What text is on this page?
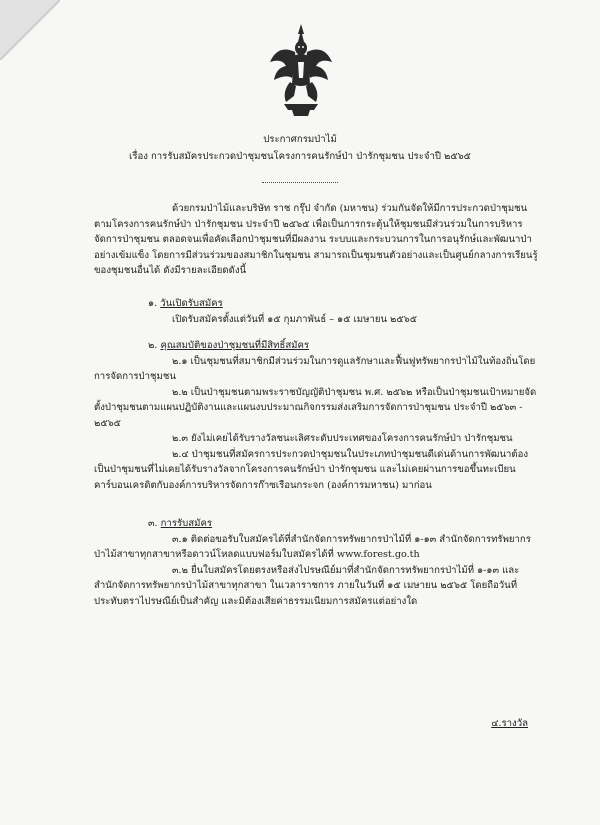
ประกาศกรมป่าไม้
เรื่อง การรับสมัครประกวดป่าชุมชนโครงการคนรักษ์ป่า ป่ารักชุมชน ประจำปี ๒๕๖๕

ด้วยกรมป่าไม้และบริษัท ราช กรุ๊ป จำกัด (มหาชน) ร่วมกันจัดให้มีการประกวดป่าชุมชนตามโครงการคนรักษ์ป่า ป่ารักชุมชน ประจำปี ๒๕๖๕ เพื่อเป็นการกระตุ้นให้ชุมชนมีส่วนร่วมในการบริหารจัดการป่าชุมชน ตลอดจนเพื่อคัดเลือกป่าชุมชนที่มีผลงาน ระบบและกระบวนการในการอนุรักษ์และพัฒนาป่าอย่างเข้มแข็ง โดยการมีส่วนร่วมของสมาชิกในชุมชน สามารถเป็นชุมชนตัวอย่างและเป็นศูนย์กลางการเรียนรู้ของชุมชนอื่นได้ ดังมีรายละเอียดดังนี้

๑. วันเปิดรับสมัคร

เปิดรับสมัครตั้งแต่วันที่ ๑๕ กุมภาพันธ์ – ๑๕ เมษายน ๒๕๖๕

๒. คุณสมบัติของป่าชุมชนที่มีสิทธิ์สมัคร

๒.๑ เป็นชุมชนที่สมาชิกมีส่วนร่วมในการดูแลรักษาและฟื้นฟูทรัพยากรป่าไม้ในท้องถิ่นโดยการจัดการป่าชุมชน

๒.๒ เป็นป่าชุมชนตามพระราชบัญญัติป่าชุมชน พ.ศ. ๒๕๖๒ หรือเป็นป่าชุมชนเป้าหมายจัดตั้งป่าชุมชนตามแผนปฏิบัติงานและแผนงบประมาณกิจกรรมส่งเสริมการจัดการป่าชุมชน ประจำปี ๒๕๖๓ - ๒๕๖๕

๒.๓ ยังไม่เคยได้รับรางวัลชนะเลิศระดับประเทศของโครงการคนรักษ์ป่า ป่ารักชุมชน

๒.๔ ป่าชุมชนที่สมัครการประกวดป่าชุมชนในประเภทป่าชุมชนดีเด่นด้านการพัฒนาต้องเป็นป่าชุมชนที่ไม่เคยได้รับรางวัลจากโครงการคนรักษ์ป่า ป่ารักชุมชน และไม่เคยผ่านการขอขึ้นทะเบียนคาร์บอนเครดิตกับองค์การบริหารจัดการก๊าซเรือนกระจก (องค์การมหาชน) มาก่อน

๓. การรับสมัคร

๓.๑ ติดต่อขอรับใบสมัครได้ที่สำนักจัดการทรัพยากรป่าไม้ที่ ๑-๑๓ สำนักจัดการทรัพยากรป่าไม้สาขาทุกสาขาหรือดาวน์โหลดแบบฟอร์มใบสมัครได้ที่ www.forest.go.th

๓.๒ ยื่นใบสมัครโดยตรงหรือส่งไปรษณีย์มาที่สำนักจัดการทรัพยากรป่าไม้ที่ ๑-๑๓ และสำนักจัดการทรัพยากรป่าไม้สาขาทุกสาขา ในเวลาราชการ ภายในวันที่ ๑๕ เมษายน ๒๕๖๕ โดยถือวันที่ประทับตราไปรษณีย์เป็นสำคัญ และมิต้องเสียค่าธรรมเนียมการสมัครแต่อย่างใด

๔.รางวัล
